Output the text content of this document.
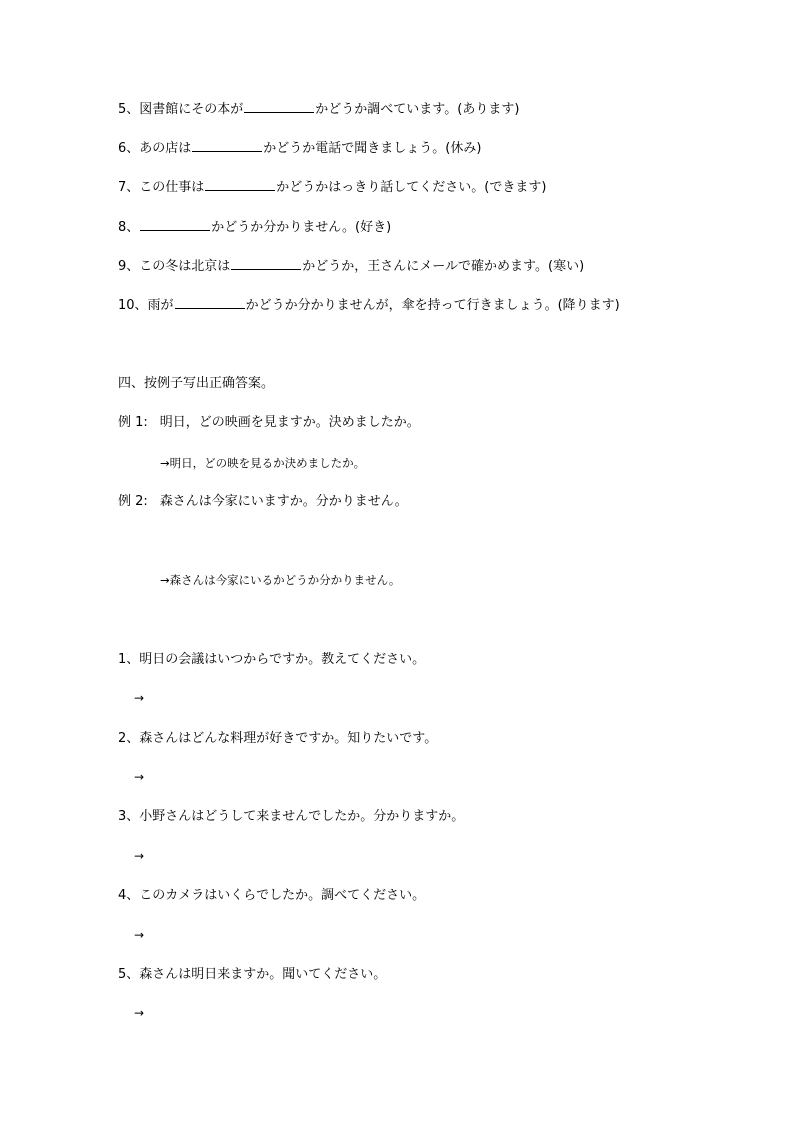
5、図書館にその本が	かどうか調べています。(あります)
6、あの店は	かどうか電話で聞きましょう。(休み)
7、この仕事は	かどうかはっきり話してください。(できます)
8、	かどうか分かりません。(好き)
9、この冬は北京は	かどうか，王さんにメールで確かめます。(寒い)
10、雨が	かどうか分かりませんが，傘を持って行きましょう。(降ります)
四、按例子写出正确答案。
例 1: 明日，どの映画を見ますか。決めましたか。
→明日，どの映を見るか決めましたか。
例 2: 森さんは今家にいますか。分かりません。
→森さんは今家にいるかどうか分かりません。
1、明日の会議はいつからですか。教えてください。
→
2、森さんはどんな料理が好きですか。知りたいです。
→
3、小野さんはどうして来ませんでしたか。分かりますか。
→
4、このカメラはいくらでしたか。調べてください。
→
5、森さんは明日来ますか。聞いてください。
→
